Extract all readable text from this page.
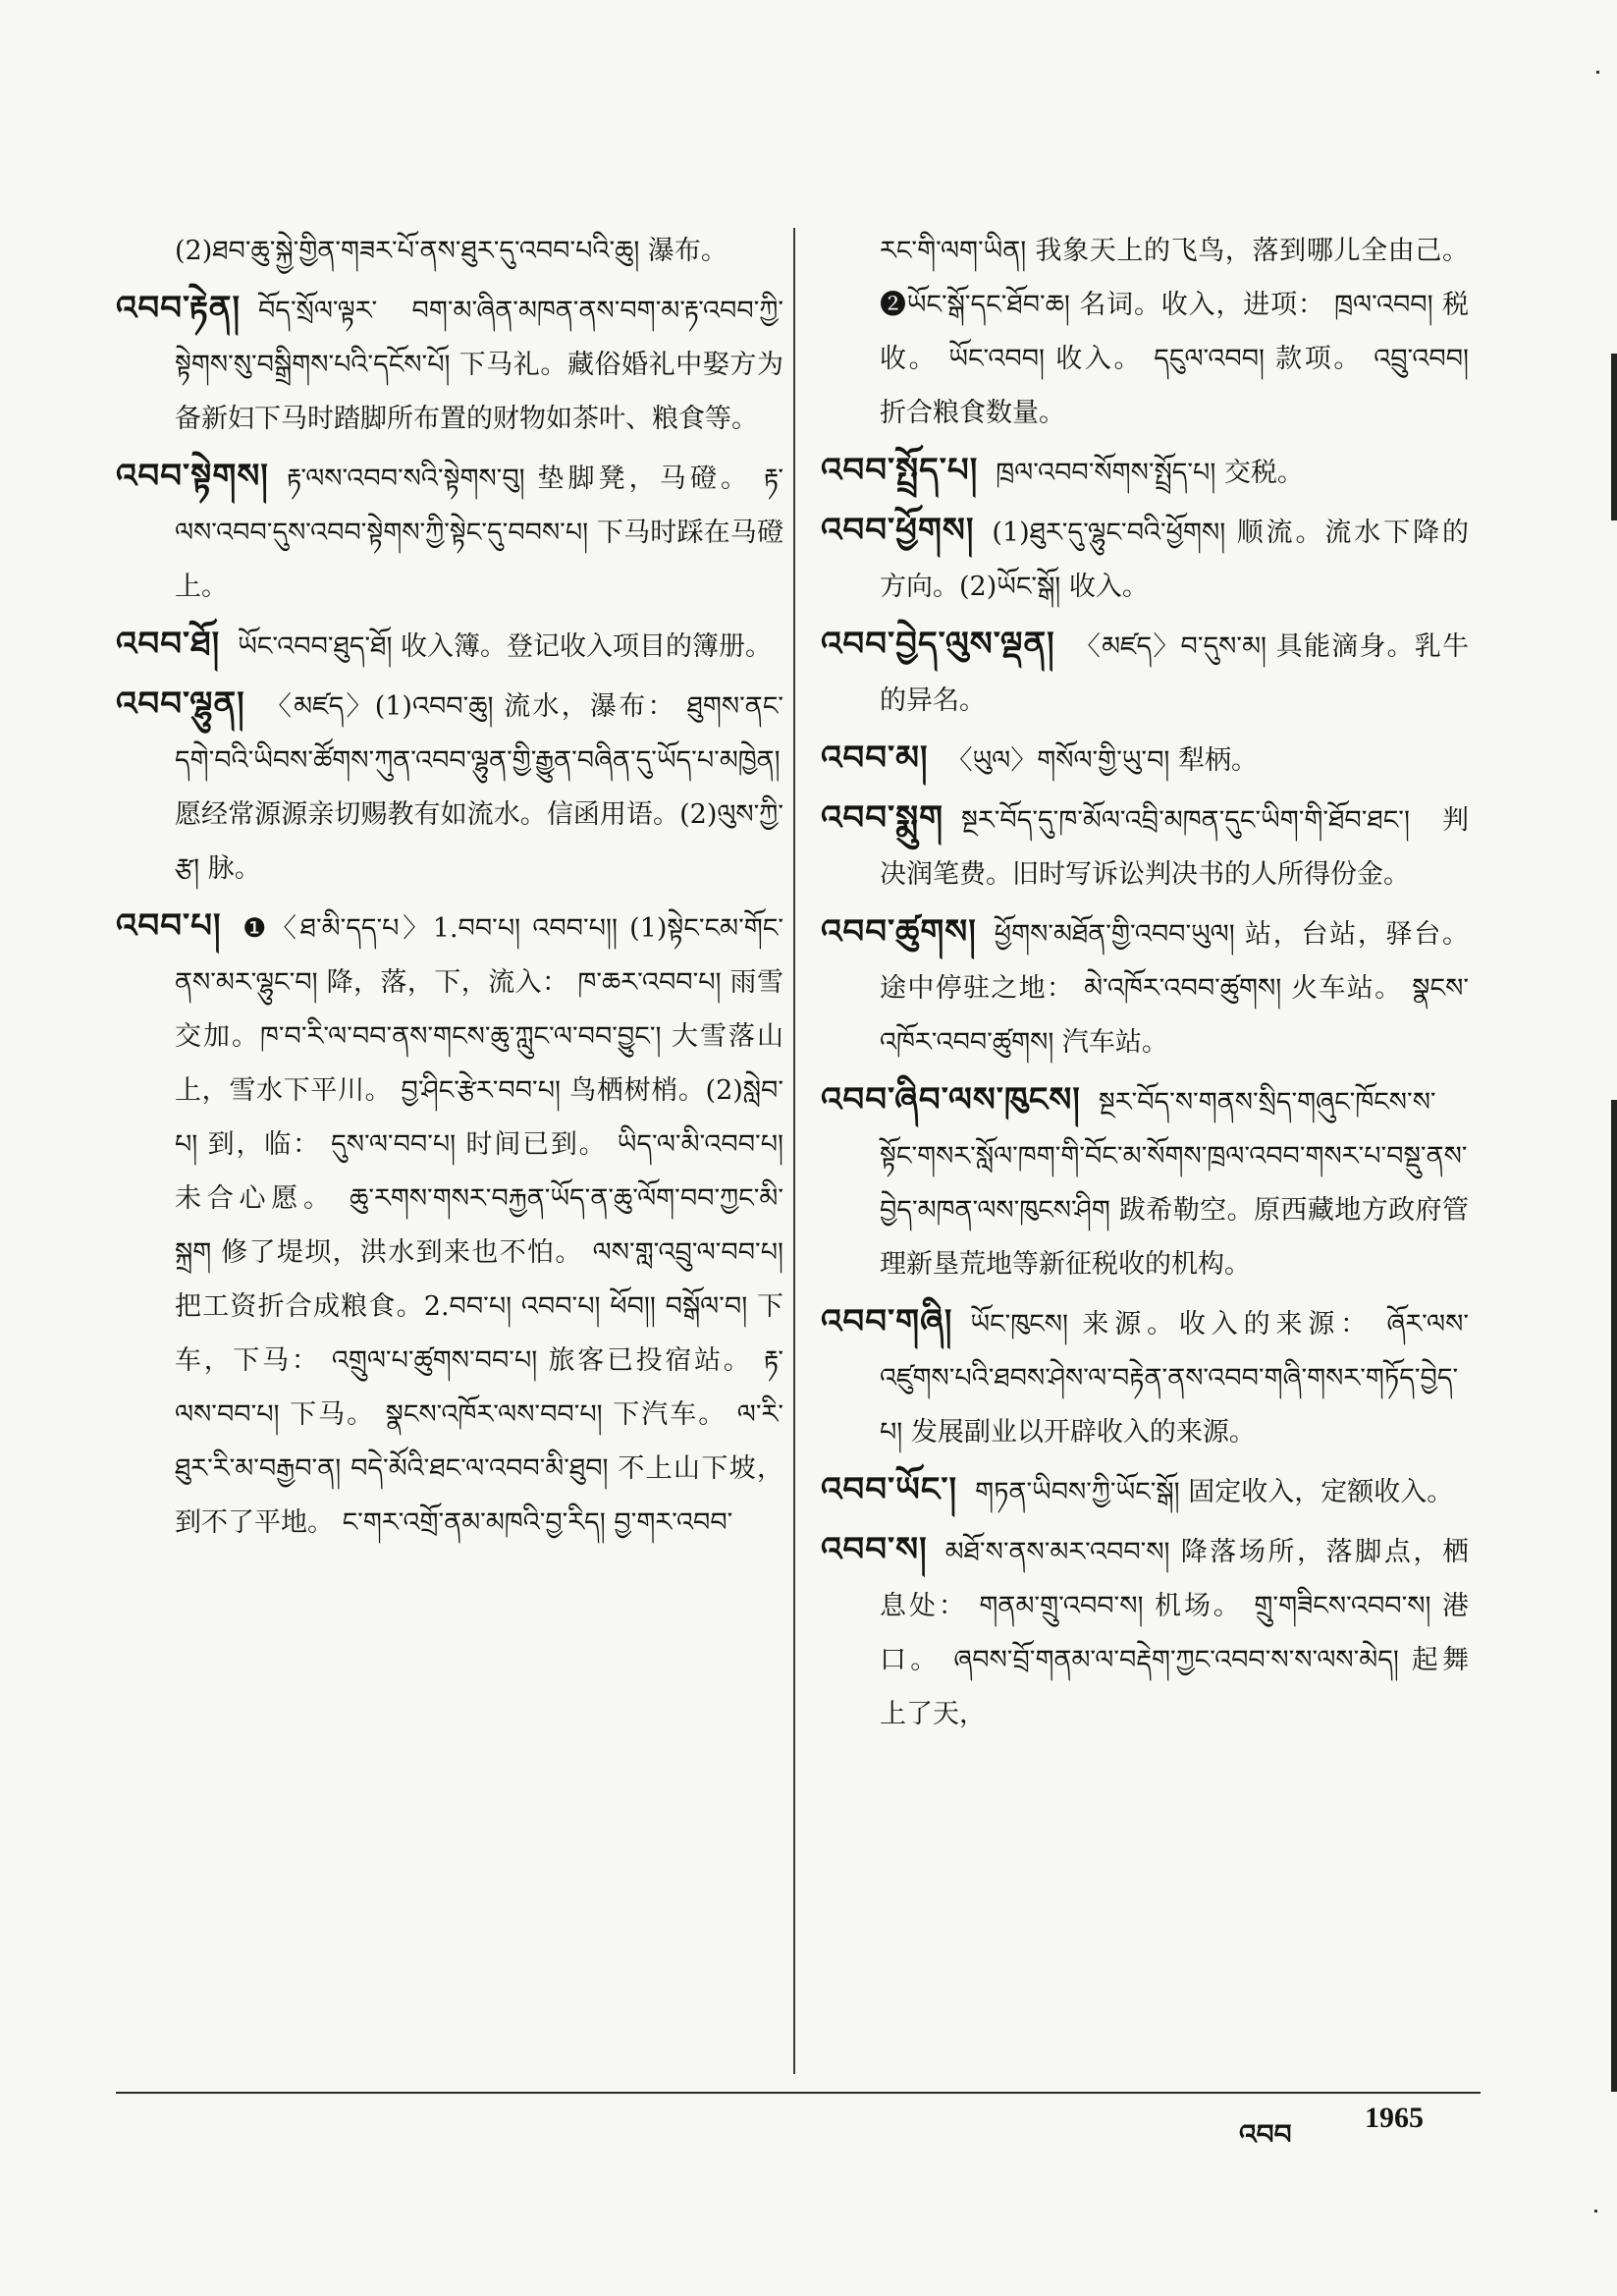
(2)ཐབ་ཆུ་སྐྱེ་གྱིན་གཟར་པོ་ནས་ཐུར་དུ་འབབ་པའི་ཆུ། 瀑布。
འབབ་རྟེན། བོད་སྲོལ་ལྟར་ བག་མ་ཞིན་མཁན་ནས་བག་མ་རྟ་འབབ་ཀྱི་སྟེགས་སུ་བསྒྲིགས་པའི་དངོས་པོ། 下马礼。藏俗婚礼中娶方为备新妇下马时踏脚所布置的财物如茶叶、粮食等。
འབབ་སྟེགས། རྟ་ལས་འབབ་སའི་སྟེགས་བུ། 垫脚凳，马磴。 རྟ་ལས་འབབ་དུས་འབབ་སྟེགས་ཀྱི་སྟེང་དུ་བབས་པ། 下马时踩在马磴上。
འབབ་ཐོ། ཡོང་འབབ་ཐུད་ཐོ། 收入簿。登记收入项目的簿册。
འབབ་ལྷུན། 〈མཛད〉(1)འབབ་ཆུ། 流水，瀑布： ཐུགས་ནང་དགེ་བའི་ཡིབས་ཚོགས་ཀུན་འབབ་ལྷུན་གྱི་རྒྱུན་བཞིན་དུ་ཡོད་པ་མཁྱེན། 愿经常源源亲切赐教有如流水。信函用语。(2)ལུས་ཀྱི་རྩ། 脉。
འབབ་པ། ❶〈ཐ་མི་དད་པ〉1.བབ་པ། འབབ་པ།། (1)སྟེང་ངམ་གོང་ནས་མར་ལྷུང་བ། 降，落，下，流入： ཁ་ཆར་འབབ་པ། 雨雪交加。ཁ་བ་རི་ལ་བབ་ནས་གངས་ཆུ་ཀླུང་ལ་བབ་བྱུང་། 大雪落山上，雪水下平川。 བྱ་ཤིང་རྩེར་བབ་པ། 鸟栖树梢。(2)སླེབ་པ། 到，临： དུས་ལ་བབ་པ། 时间已到。 ཡིད་ལ་མི་འབབ་པ། 未合心愿。 ཆུ་རགས་གསར་བརྐྱན་ཡོད་ན་ཆུ་ལོག་བབ་ཀྱང་མི་སྐྲག 修了堤坝，洪水到来也不怕。 ལས་གླ་འབྲུ་ལ་བབ་པ། 把工资折合成粮食。2.བབ་པ། འབབ་པ། ཕོབ།། བསྒོལ་བ། 下车，下马： འགྲུལ་པ་ཚུགས་བབ་པ། 旅客已投宿站。 རྟ་ལས་བབ་པ། 下马。 སྣངས་འཁོར་ལས་བབ་པ། 下汽车。 ལ་རི་ཐུར་རི་མ་བརྒྱབ་ན། བདེ་མོའི་ཐང་ལ་འབབ་མི་ཐུབ། 不上山下坡，到不了平地。 ང་གར་འགྲོ་ནམ་མཁའི་བྱ་རིད། བྱ་གར་འབབ་
རང་གི་ལག་ཡིན། 我象天上的飞鸟，落到哪儿全由己。❷ཡོང་སྒོ་དང་ཐོབ་ཆ། 名词。收入，进项： ཁྲལ་འབབ། 税收。 ཡོང་འབབ། 收入。 དངུལ་འབབ། 款项。 འབྲུ་འབབ། 折合粮食数量。
འབབ་སྤྲོད་པ། ཁྲལ་འབབ་སོགས་སྤྲོད་པ། 交税。
འབབ་ཕྱོགས། (1)ཐུར་དུ་ལྷུང་བའི་ཕྱོགས། 顺流。流水下降的方向。(2)ཡོང་སྒོ། 收入。
འབབ་བྱེད་ལུས་ལྡན། 〈མཛད〉བ་དུས་མ། 具能滴身。乳牛的异名。
འབབ་མ། 〈ཡུལ〉གསོལ་གྱི་ཡུ་བ། 犁柄。
འབབ་སྨུག སྔར་བོད་དུ་ཁ་མོལ་འབྲི་མཁན་དུང་ཡིག་གི་ཐོབ་ཐང་། 判决润笔费。旧时写诉讼判决书的人所得份金。
འབབ་ཚུགས། ཕྱོགས་མཐོན་གྱི་འབབ་ཡུལ། 站，台站，驿台。途中停驻之地： མེ་འཁོར་འབབ་ཚུགས། 火车站。 སྣངས་འཁོར་འབབ་ཚུགས། 汽车站。
འབབ་ཞིབ་ལས་ཁུངས། སྔར་བོད་ས་གནས་སྲིད་གཞུང་ཁོངས་ས་སྟོང་གསར་སློལ་ཁག་གི་བོང་མ་སོགས་ཁྲལ་འབབ་གསར་པ་བསྡུ་ནས་བྱེད་མཁན་ལས་ཁུངས་ཤིག 跋希勒空。原西藏地方政府管理新垦荒地等新征税收的机构。
འབབ་གཞི། ཡོང་ཁུངས། 来源。收入的来源： ཞོར་ལས་འཛུགས་པའི་ཐབས་ཤེས་ལ་བརྟེན་ནས་འབབ་གཞི་གསར་གཏོད་བྱེད་པ། 发展副业以开辟收入的来源。
འབབ་ཡོང་། གཏན་ཡིབས་ཀྱི་ཡོང་སྒོ། 固定收入，定额收入。
འབབ་ས། མཐོ་ས་ནས་མར་འབབ་ས། 降落场所，落脚点，栖息处： གནམ་གྲུ་འབབ་ས། 机场。 གྲུ་གཟིངས་འབབ་ས། 港口。 ཞབས་བྲོ་གནམ་ལ་བརྡེག་ཀྱང་འབབ་ས་ས་ལས་མེད། 起舞上了天，
འབབ
1965
